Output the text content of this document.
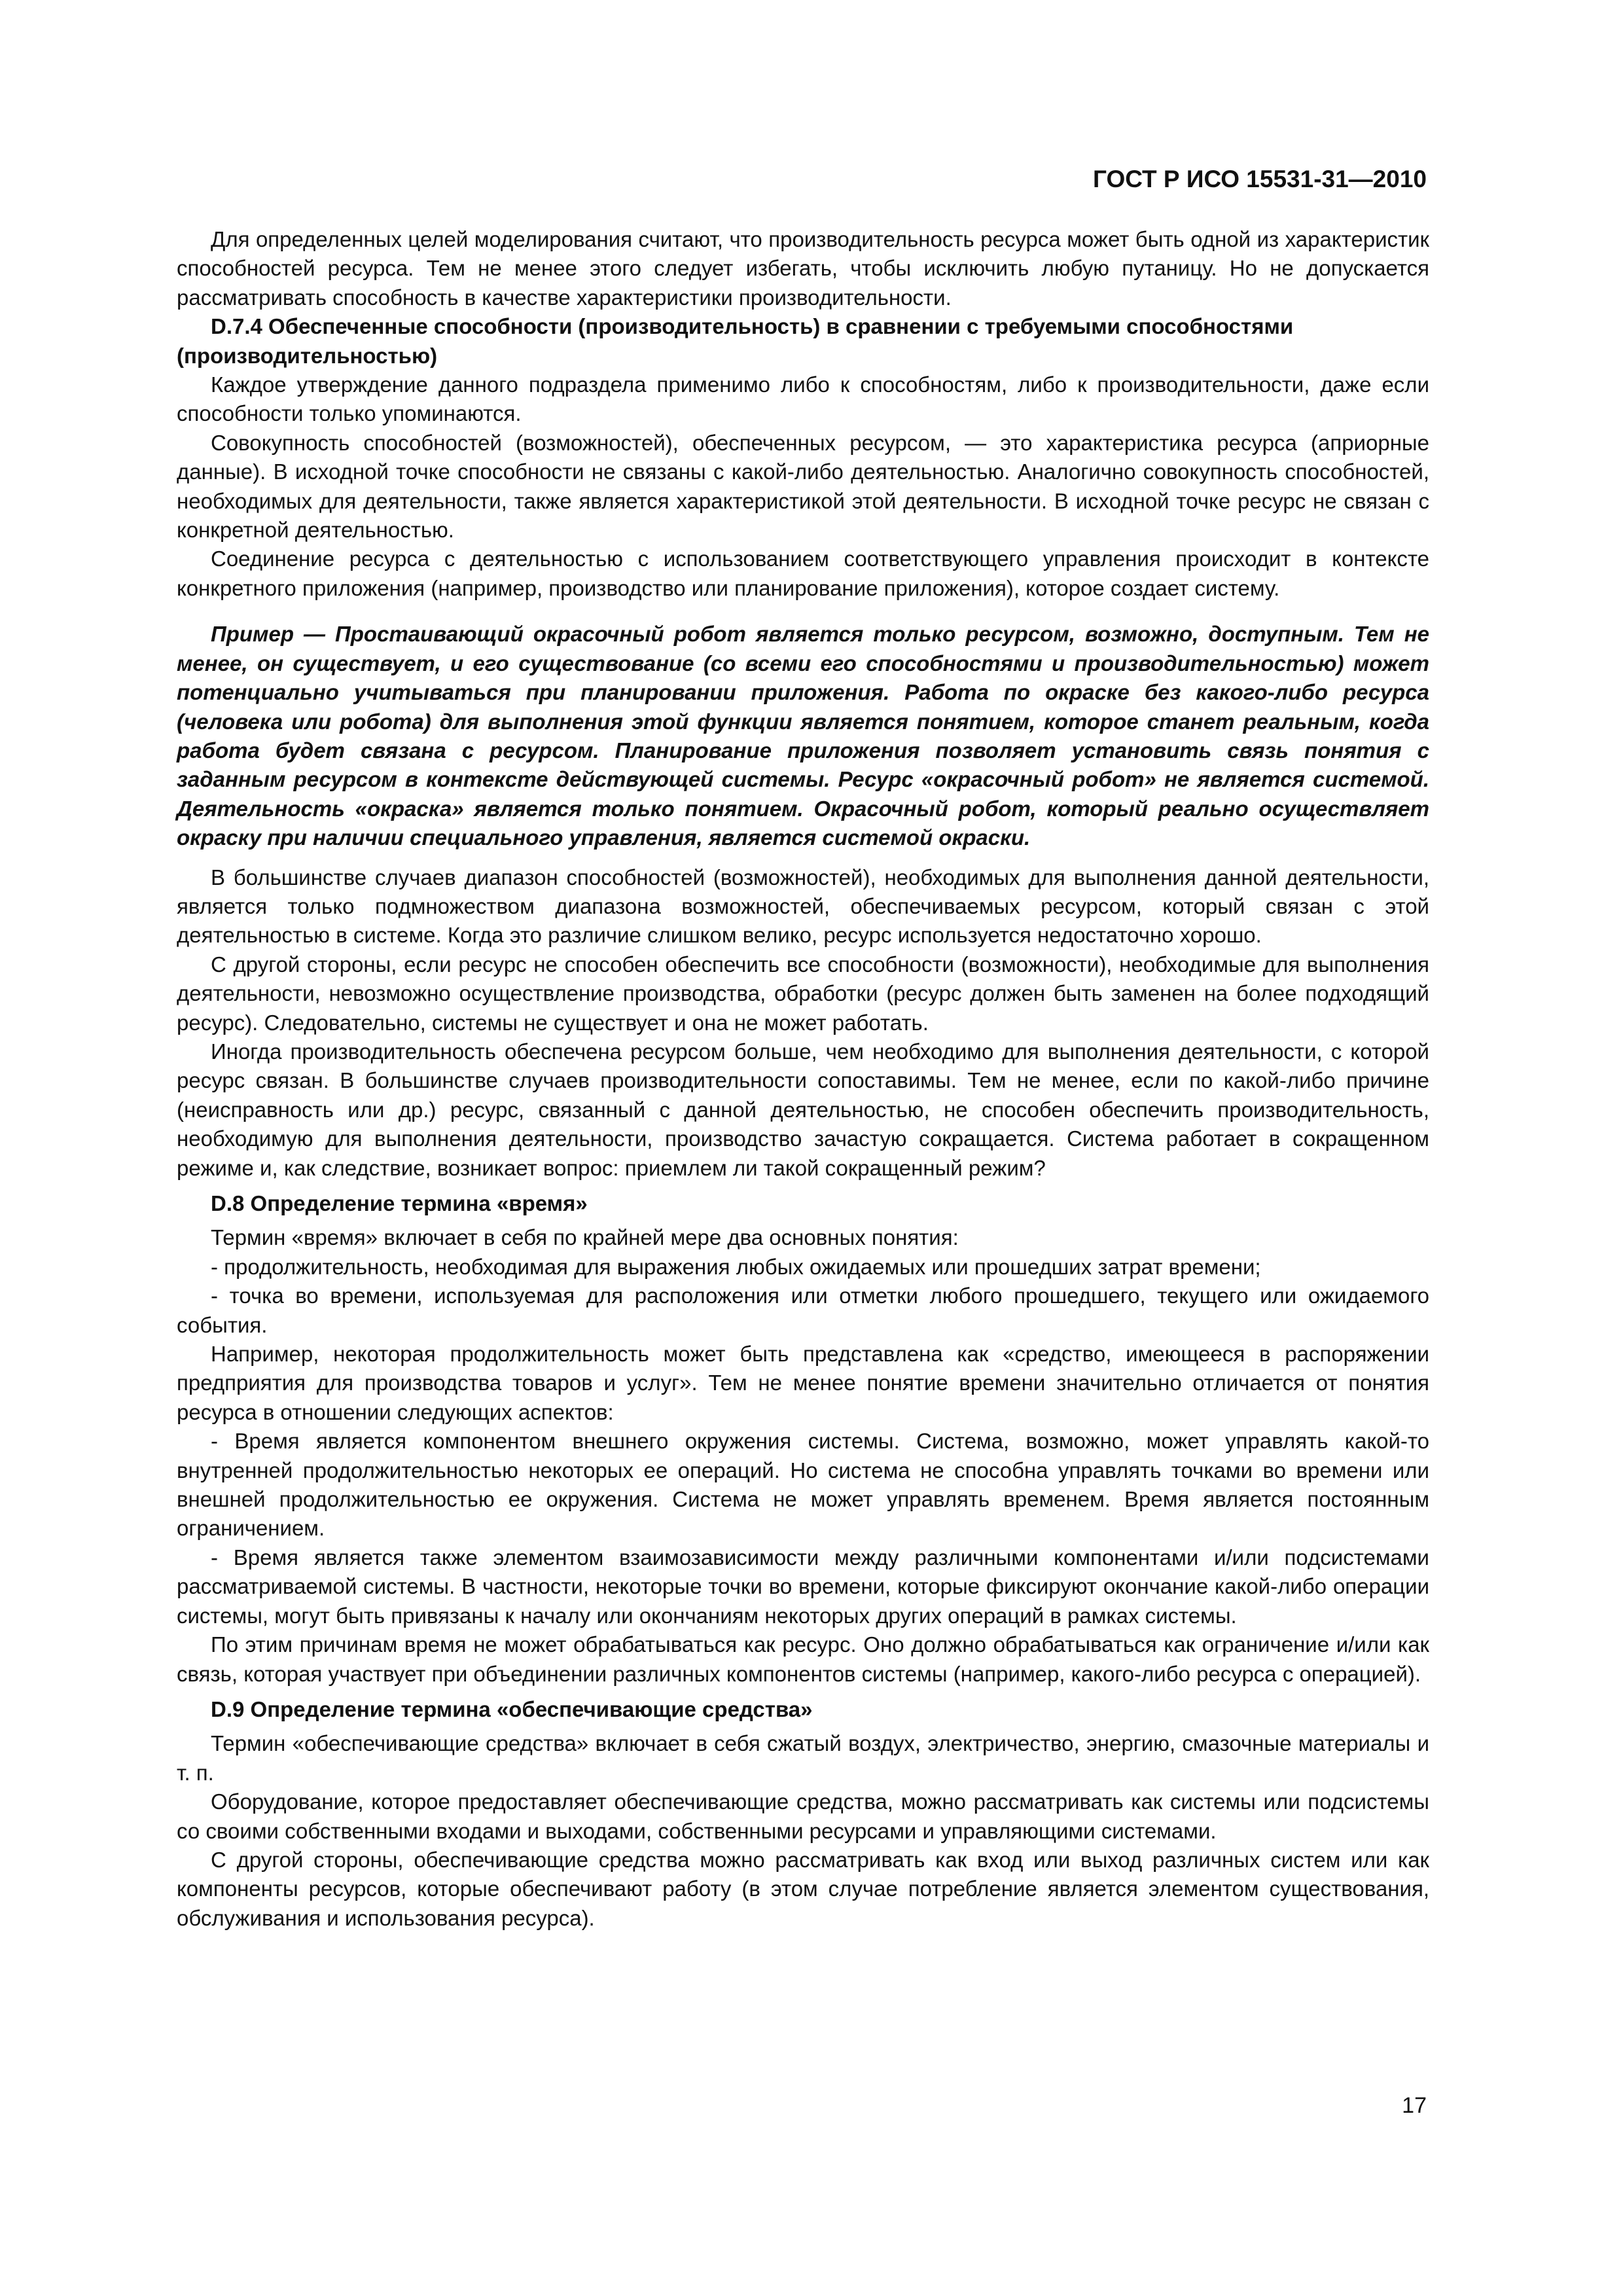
ГОСТ Р ИСО 15531-31—2010

Для определенных целей моделирования считают, что производительность ресурса может быть одной из характеристик способностей ресурса. Тем не менее этого следует избегать, чтобы исключить любую путаницу. Но не допускается рассматривать способность в качестве характеристики производительности.

D.7.4 Обеспеченные способности (производительность) в сравнении с требуемыми способностями (производительностью)

Каждое утверждение данного подраздела применимо либо к способностям, либо к производительности, даже если способности только упоминаются.

Совокупность способностей (возможностей), обеспеченных ресурсом, — это характеристика ресурса (априорные данные). В исходной точке способности не связаны с какой-либо деятельностью. Аналогично совокупность способностей, необходимых для деятельности, также является характеристикой этой деятельности. В исходной точке ресурс не связан с конкретной деятельностью.

Соединение ресурса с деятельностью с использованием соответствующего управления происходит в контексте конкретного приложения (например, производство или планирование приложения), которое создает систему.

Пример — Простаивающий окрасочный робот является только ресурсом, возможно, доступным. Тем не менее, он существует, и его существование (со всеми его способностями и производительностью) может потенциально учитываться при планировании приложения. Работа по окраске без какого-либо ресурса (человека или робота) для выполнения этой функции является понятием, которое станет реальным, когда работа будет связана с ресурсом. Планирование приложения позволяет установить связь понятия с заданным ресурсом в контексте действующей системы. Ресурс «окрасочный робот» не является системой. Деятельность «окраска» является только понятием. Окрасочный робот, который реально осуществляет окраску при наличии специального управления, является системой окраски.

В большинстве случаев диапазон способностей (возможностей), необходимых для выполнения данной деятельности, является только подмножеством диапазона возможностей, обеспечиваемых ресурсом, который связан с этой деятельностью в системе. Когда это различие слишком велико, ресурс используется недостаточно хорошо.

С другой стороны, если ресурс не способен обеспечить все способности (возможности), необходимые для выполнения деятельности, невозможно осуществление производства, обработки (ресурс должен быть заменен на более подходящий ресурс). Следовательно, системы не существует и она не может работать.

Иногда производительность обеспечена ресурсом больше, чем необходимо для выполнения деятельности, с которой ресурс связан. В большинстве случаев производительности сопоставимы. Тем не менее, если по какой-либо причине (неисправность или др.) ресурс, связанный с данной деятельностью, не способен обеспечить производительность, необходимую для выполнения деятельности, производство зачастую сокращается. Система работает в сокращенном режиме и, как следствие, возникает вопрос: приемлем ли такой сокращенный режим?

D.8 Определение термина «время»

Термин «время» включает в себя по крайней мере два основных понятия:

- продолжительность, необходимая для выражения любых ожидаемых или прошедших затрат времени;

- точка во времени, используемая для расположения или отметки любого прошедшего, текущего или ожидаемого события.

Например, некоторая продолжительность может быть представлена как «средство, имеющееся в распоряжении предприятия для производства товаров и услуг». Тем не менее понятие времени значительно отличается от понятия ресурса в отношении следующих аспектов:

- Время является компонентом внешнего окружения системы. Система, возможно, может управлять какой-то внутренней продолжительностью некоторых ее операций. Но система не способна управлять точками во времени или внешней продолжительностью ее окружения. Система не может управлять временем. Время является постоянным ограничением.

- Время является также элементом взаимозависимости между различными компонентами и/или подсистемами рассматриваемой системы. В частности, некоторые точки во времени, которые фиксируют окончание какой-либо операции системы, могут быть привязаны к началу или окончаниям некоторых других операций в рамках системы.

По этим причинам время не может обрабатываться как ресурс. Оно должно обрабатываться как ограничение и/или как связь, которая участвует при объединении различных компонентов системы (например, какого-либо ресурса с операцией).

D.9 Определение термина «обеспечивающие средства»

Термин «обеспечивающие средства» включает в себя сжатый воздух, электричество, энергию, смазочные материалы и т. п.

Оборудование, которое предоставляет обеспечивающие средства, можно рассматривать как системы или подсистемы со своими собственными входами и выходами, собственными ресурсами и управляющими системами.

С другой стороны, обеспечивающие средства можно рассматривать как вход или выход различных систем или как компоненты ресурсов, которые обеспечивают работу (в этом случае потребление является элементом существования, обслуживания и использования ресурса).

17
